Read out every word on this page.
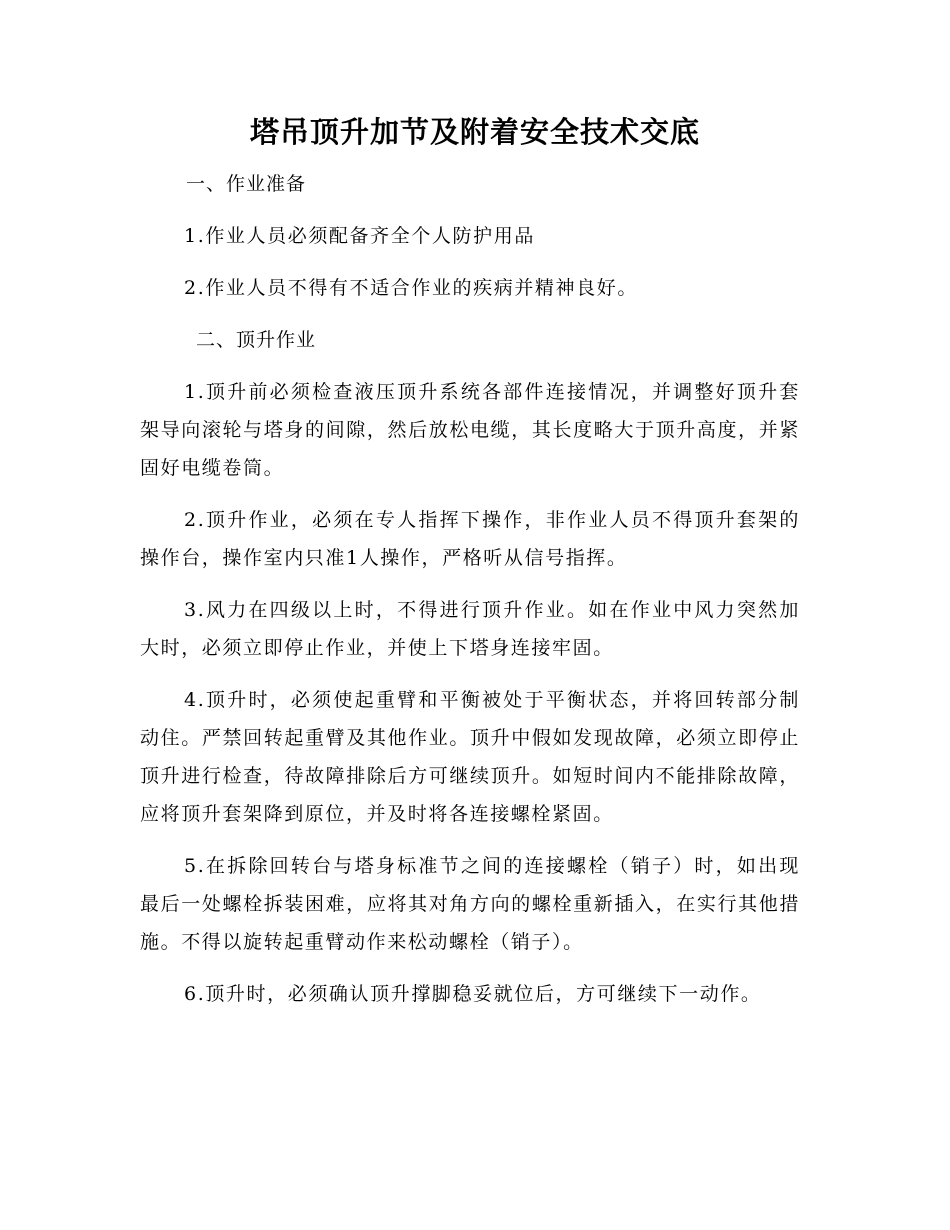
塔吊顶升加节及附着安全技术交底

一、作业准备

1.作业人员必须配备齐全个人防护用品

2.作业人员不得有不适合作业的疾病并精神良好。

二、顶升作业

1.顶升前必须检查液压顶升系统各部件连接情况，并调整好顶升套架导向滚轮与塔身的间隙，然后放松电缆，其长度略大于顶升高度，并紧固好电缆卷筒。

2.顶升作业，必须在专人指挥下操作，非作业人员不得顶升套架的操作台，操作室内只准1人操作，严格听从信号指挥。

3.风力在四级以上时，不得进行顶升作业。如在作业中风力突然加大时，必须立即停止作业，并使上下塔身连接牢固。

4.顶升时，必须使起重臂和平衡被处于平衡状态，并将回转部分制动住。严禁回转起重臂及其他作业。顶升中假如发现故障，必须立即停止顶升进行检查，待故障排除后方可继续顶升。如短时间内不能排除故障，应将顶升套架降到原位，并及时将各连接螺栓紧固。

5.在拆除回转台与塔身标准节之间的连接螺栓（销子）时，如出现最后一处螺栓拆装困难，应将其对角方向的螺栓重新插入，在实行其他措施。不得以旋转起重臂动作来松动螺栓（销子）。

6.顶升时，必须确认顶升撑脚稳妥就位后，方可继续下一动作。
